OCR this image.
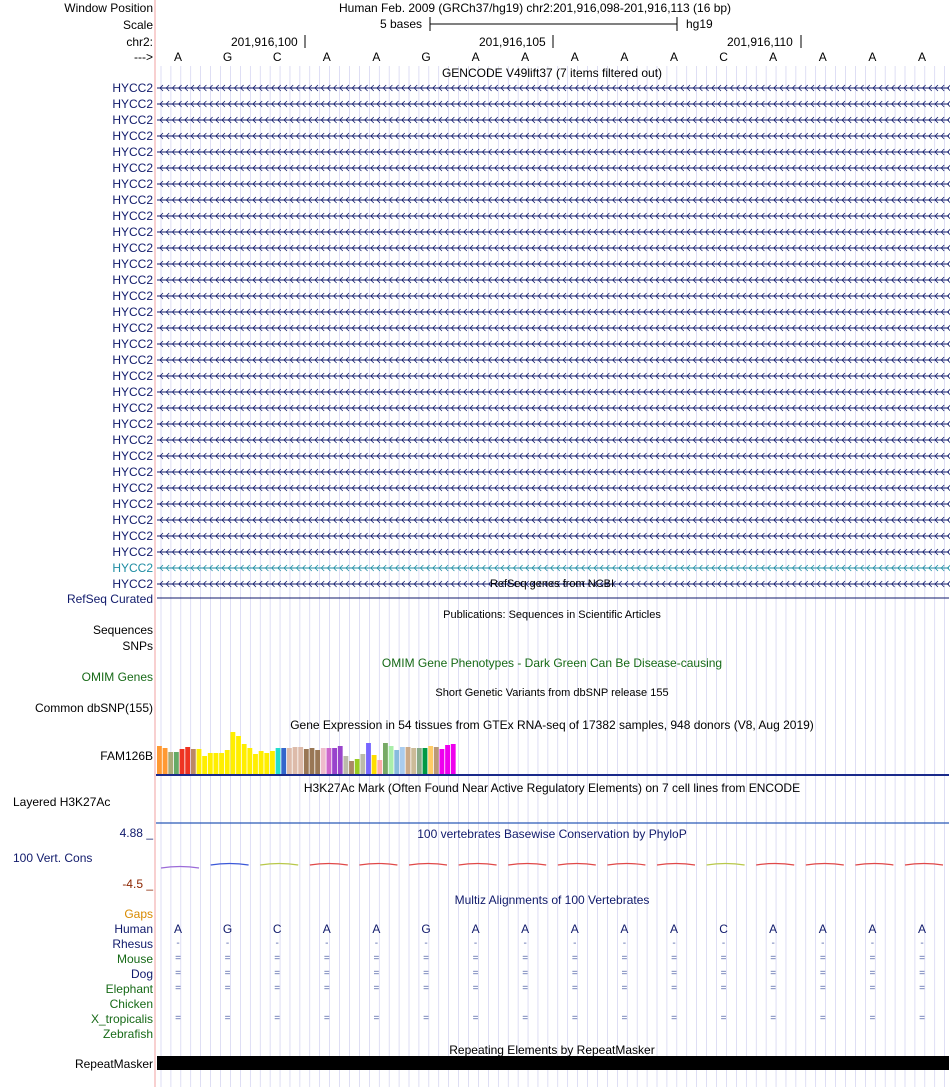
Window Position	Human Feb. 2009 (GRCh37/hg19) chr2:201,916,098-201,916,113 (16 bp)
Scale	5 bases	hg19
chr2:	201,916,100	201,916,105	201,916,110
--->	A	G	C	A	A	G	A	A	A	A	A	C	A	A	A	A
GENCODE V49lift37 (7 items filtered out)
HYCC2
HYCC2
HYCC2
HYCC2
HYCC2
HYCC2
HYCC2
HYCC2
HYCC2
HYCC2
HYCC2
HYCC2
HYCC2
HYCC2
HYCC2
HYCC2
HYCC2
HYCC2
HYCC2
HYCC2
HYCC2
HYCC2
HYCC2
HYCC2
HYCC2
HYCC2
HYCC2
HYCC2
HYCC2
HYCC2
HYCC2
HYCC2	RefSeq genes from NCBI
RefSeq Curated
Publications: Sequences in Scientific Articles
Sequences
SNPs
OMIM Gene Phenotypes - Dark Green Can Be Disease-causing
OMIM Genes
Short Genetic Variants from dbSNP release 155
Common dbSNP(155)
Gene Expression in 54 tissues from GTEx RNA-seq of 17382 samples, 948 donors (V8, Aug 2019)
FAM126B
H3K27Ac Mark (Often Found Near Active Regulatory Elements) on 7 cell lines from ENCODE
Layered H3K27Ac
100 vertebrates Basewise Conservation by PhyloP
4.88 _
100 Vert. Cons
-4.5 _
Multiz Alignments of 100 Vertebrates
Gaps
Human	A	G	C	A	A	G	A	A	A	A	A	C	A	A	A	A
Rhesus	-	-	-	-	-	-	-	-	-	-	-	-	-	-	-	-
Mouse	=	=	=	=	=	=	=	=	=	=	=	=	=	=	=	=
Dog	=	=	=	=	=	=	=	=	=	=	=	=	=	=	=	=
Elephant	=	=	=	=	=	=	=	=	=	=	=	=	=	=	=	=
Chicken
X_tropicalis	=	=	=	=	=	=	=	=	=	=	=	=	=	=	=	=
Zebrafish
Repeating Elements by RepeatMasker
RepeatMasker
